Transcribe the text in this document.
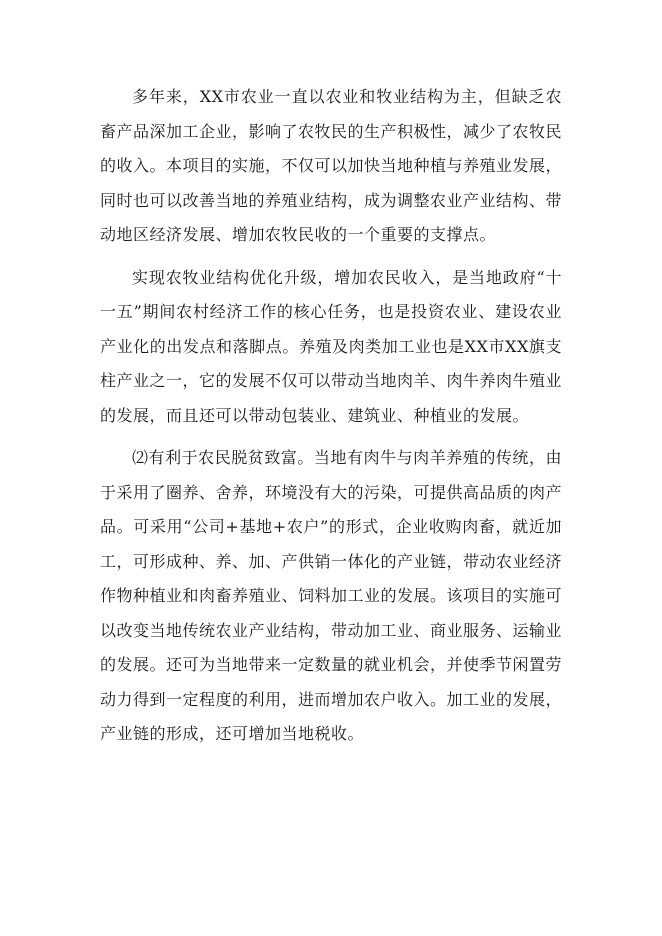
多年来，XX市农业一直以农业和牧业结构为主，但缺乏农畜产品深加工企业，影响了农牧民的生产积极性，减少了农牧民的收入。本项目的实施，不仅可以加快当地种植与养殖业发展，同时也可以改善当地的养殖业结构，成为调整农业产业结构、带动地区经济发展、增加农牧民收的一个重要的支撑点。

实现农牧业结构优化升级，增加农民收入，是当地政府“十一五”期间农村经济工作的核心任务，也是投资农业、建设农业产业化的出发点和落脚点。养殖及肉类加工业也是XX市XX旗支柱产业之一，它的发展不仅可以带动当地肉羊、肉牛养肉牛殖业的发展，而且还可以带动包装业、建筑业、种植业的发展。

⑵有利于农民脱贫致富。当地有肉牛与肉羊养殖的传统，由于采用了圈养、舍养，环境没有大的污染，可提供高品质的肉产品。可采用“公司+基地+农户”的形式，企业收购肉畜，就近加工，可形成种、养、加、产供销一体化的产业链，带动农业经济作物种植业和肉畜养殖业、饲料加工业的发展。该项目的实施可以改变当地传统农业产业结构，带动加工业、商业服务、运输业的发展。还可为当地带来一定数量的就业机会，并使季节闲置劳动力得到一定程度的利用，进而增加农户收入。加工业的发展，产业链的形成，还可增加当地税收。
